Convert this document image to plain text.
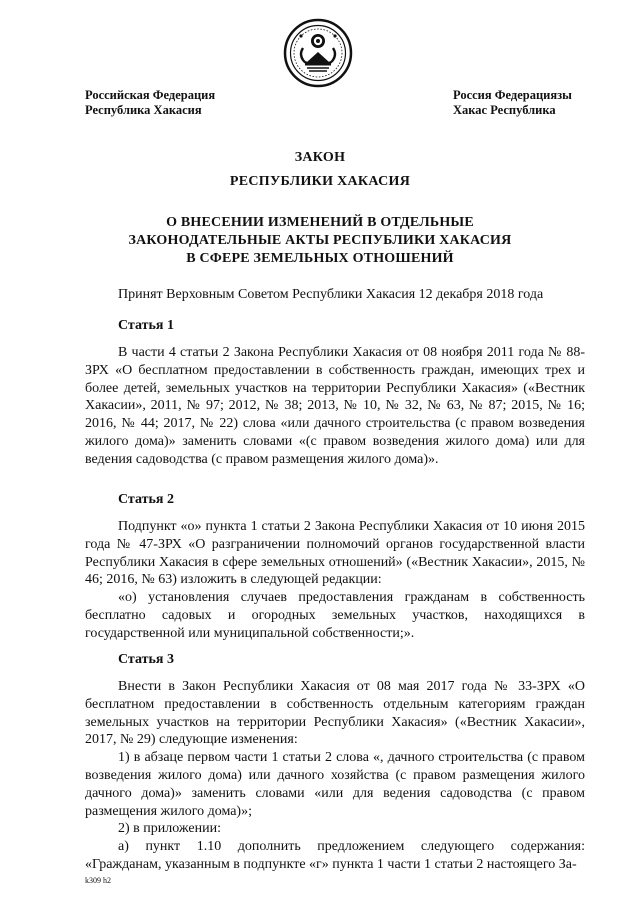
Российская Федерация
Республика Хакасия
Россия Федерациязы
Хакас Республика
ЗАКОН
РЕСПУБЛИКИ ХАКАСИЯ
О ВНЕСЕНИИ ИЗМЕНЕНИЙ В ОТДЕЛЬНЫЕ
ЗАКОНОДАТЕЛЬНЫЕ АКТЫ РЕСПУБЛИКИ ХАКАСИЯ
В СФЕРЕ ЗЕМЕЛЬНЫХ ОТНОШЕНИЙ
Принят Верховным Советом Республики Хакасия 12 декабря 2018 года
Статья 1

В части 4 статьи 2 Закона Республики Хакасия от 08 ноября 2011 года № 88-ЗРХ «О бесплатном предоставлении в собственность граждан, имеющих трех и более детей, земельных участков на территории Республики Хакасия» («Вестник Хакасии», 2011, № 97; 2012, № 38; 2013, № 10, № 32, № 63, № 87; 2015, № 16; 2016, № 44; 2017, № 22) слова «или дачного строительства (с правом возведения жилого дома)» заменить словами «(с правом возведения жилого дома) или для ведения садоводства (с правом размещения жилого дома)».

Статья 2

Подпункт «о» пункта 1 статьи 2 Закона Республики Хакасия от 10 июня 2015 года № 47-ЗРХ «О разграничении полномочий органов государственной власти Республики Хакасия в сфере земельных отношений» («Вестник Хакасии», 2015, № 46; 2016, № 63) изложить в следующей редакции:

«о) установления случаев предоставления гражданам в собственность бесплатно садовых и огородных земельных участков, находящихся в государственной или муниципальной собственности;».

Статья 3

Внести в Закон Республики Хакасия от 08 мая 2017 года № 33-ЗРХ «О бесплатном предоставлении в собственность отдельным категориям граждан земельных участков на территории Республики Хакасия» («Вестник Хакасии», 2017, № 29) следующие изменения:

1) в абзаце первом части 1 статьи 2 слова «, дачного строительства (с правом возведения жилого дома) или дачного хозяйства (с правом размещения жилого дачного дома)» заменить словами «или для ведения садоводства (с правом размещения жилого дома)»;

2) в приложении:

а) пункт 1.10 дополнить предложением следующего содержания: «Гражданам, указанным в подпункте «г» пункта 1 части 1 статьи 2 настоящего За-

k309 h2
